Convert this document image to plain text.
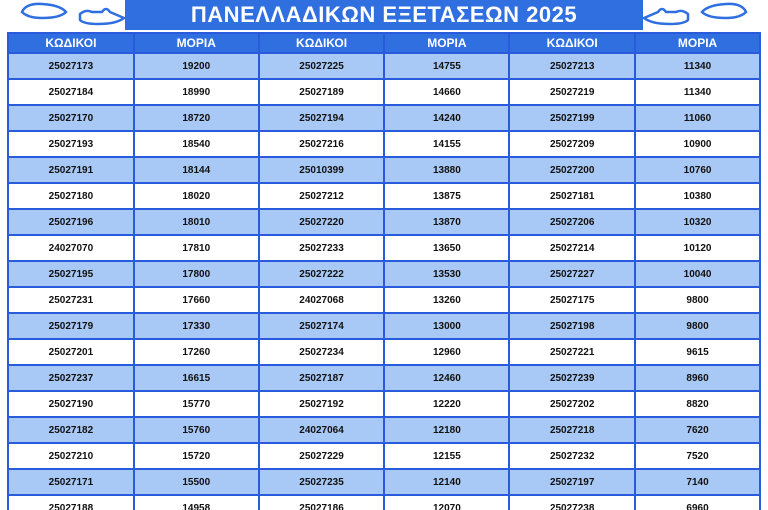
ΠΑΝΕΛΛΑΔΙΚΩΝ ΕΞΕΤΑΣΕΩΝ 2025
ΚΩΔΙΚΟΙ	ΜΟΡΙΑ	ΚΩΔΙΚΟΙ	ΜΟΡΙΑ	ΚΩΔΙΚΟΙ	ΜΟΡΙΑ
25027173	19200	25027225	14755	25027213	11340
25027184	18990	25027189	14660	25027219	11340
25027170	18720	25027194	14240	25027199	11060
25027193	18540	25027216	14155	25027209	10900
25027191	18144	25010399	13880	25027200	10760
25027180	18020	25027212	13875	25027181	10380
25027196	18010	25027220	13870	25027206	10320
24027070	17810	25027233	13650	25027214	10120
25027195	17800	25027222	13530	25027227	10040
25027231	17660	24027068	13260	25027175	9800
25027179	17330	25027174	13000	25027198	9800
25027201	17260	25027234	12960	25027221	9615
25027237	16615	25027187	12460	25027239	8960
25027190	15770	25027192	12220	25027202	8820
25027182	15760	24027064	12180	25027218	7620
25027210	15720	25027229	12155	25027232	7520
25027171	15500	25027235	12140	25027197	7140
25027188	14958	25027186	12070	25027238	6960
